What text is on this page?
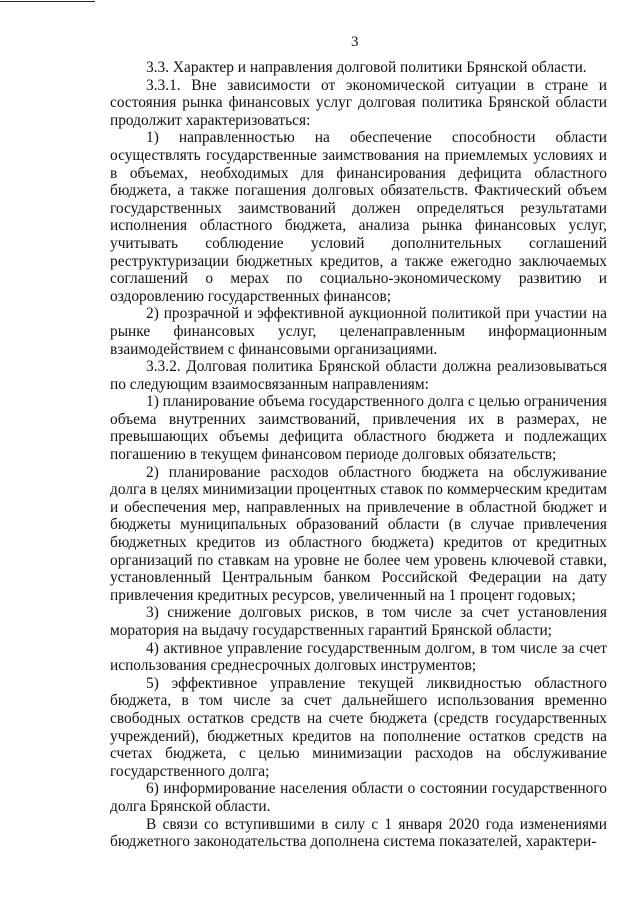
3

3.3. Характер и направления долговой политики Брянской области.

3.3.1. Вне зависимости от экономической ситуации в стране и состояния рынка финансовых услуг долговая политика Брянской области продолжит характеризоваться:

1) направленностью на обеспечение способности области осуществлять государственные заимствования на приемлемых условиях и в объемах, необходимых для финансирования дефицита областного бюджета, а также погашения долговых обязательств. Фактический объем государственных заимствований должен определяться результатами исполнения областного бюджета, анализа рынка финансовых услуг, учитывать соблюдение условий дополнительных соглашений реструктуризации бюджетных кредитов, а также ежегодно заключаемых соглашений о мерах по социально-экономическому развитию и оздоровлению государственных финансов;

2) прозрачной и эффективной аукционной политикой при участии на рынке финансовых услуг, целенаправленным информационным взаимодействием с финансовыми организациями.

3.3.2. Долговая политика Брянской области должна реализовываться по следующим взаимосвязанным направлениям:

1) планирование объема государственного долга с целью ограничения объема внутренних заимствований, привлечения их в размерах, не превышающих объемы дефицита областного бюджета и подлежащих погашению в текущем финансовом периоде долговых обязательств;

2) планирование расходов областного бюджета на обслуживание долга в целях минимизации процентных ставок по коммерческим кредитам и обеспечения мер, направленных на привлечение в областной бюджет и бюджеты муниципальных образований области (в случае привлечения бюджетных кредитов из областного бюджета) кредитов от кредитных организаций по ставкам на уровне не более чем уровень ключевой ставки, установленный Центральным банком Российской Федерации на дату привлечения кредитных ресурсов, увеличенный на 1 процент годовых;

3) снижение долговых рисков, в том числе за счет установления моратория на выдачу государственных гарантий Брянской области;

4) активное управление государственным долгом, в том числе за счет использования среднесрочных долговых инструментов;

5) эффективное управление текущей ликвидностью областного бюджета, в том числе за счет дальнейшего использования временно свободных остатков средств на счете бюджета (средств государственных учреждений), бюджетных кредитов на пополнение остатков средств на счетах бюджета, с целью минимизации расходов на обслуживание государственного долга;

6) информирование населения области о состоянии государственного долга Брянской области.

В связи со вступившими в силу с 1 января 2020 года изменениями бюджетного законодательства дополнена система показателей, характери-
